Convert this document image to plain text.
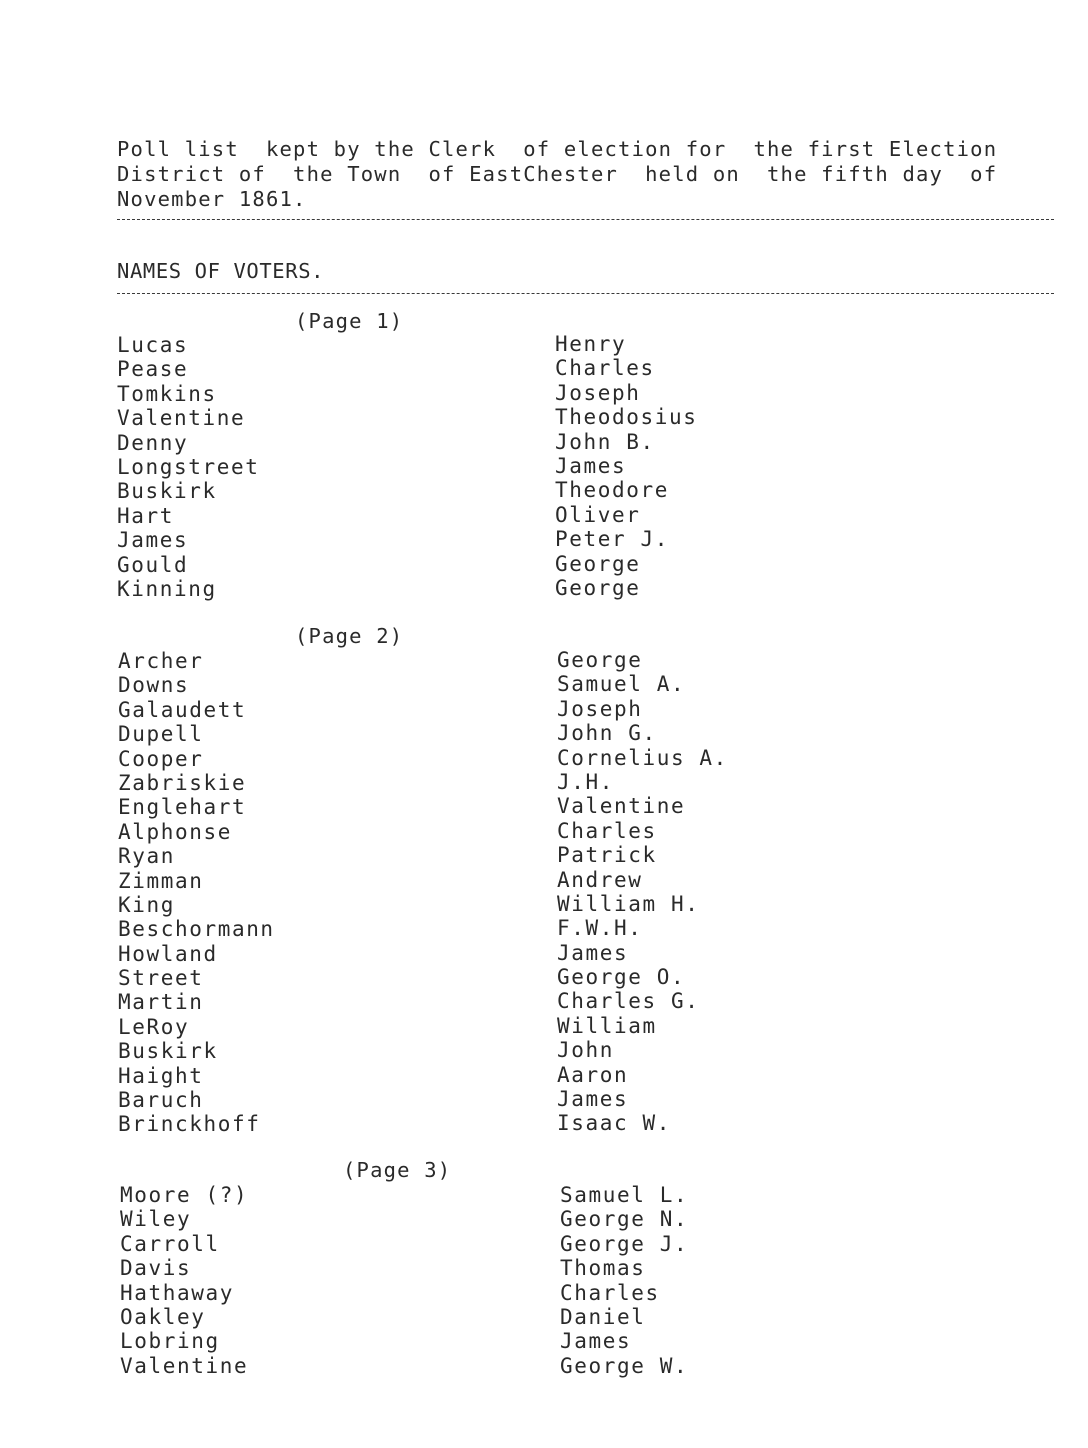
Poll list  kept by the Clerk  of election for  the first Election
District of  the Town  of EastChester  held on  the fifth day  of
November 1861.
NAMES OF VOTERS.
(Page 1)
Lucas
Pease
Tomkins
Valentine
Denny
Longstreet
Buskirk
Hart
James
Gould
Kinning
Henry
Charles
Joseph
Theodosius
John B.
James
Theodore
Oliver
Peter J.
George
George
(Page 2)
Archer
Downs
Galaudett
Dupell
Cooper
Zabriskie
Englehart
Alphonse
Ryan
Zimman
King
Beschormann
Howland
Street
Martin
LeRoy
Buskirk
Haight
Baruch
Brinckhoff
George
Samuel A.
Joseph
John G.
Cornelius A.
J.H.
Valentine
Charles
Patrick
Andrew
William H.
F.W.H.
James
George O.
Charles G.
William
John
Aaron
James
Isaac W.
(Page 3)
Moore (?)
Wiley
Carroll
Davis
Hathaway
Oakley
Lobring
Valentine
Samuel L.
George N.
George J.
Thomas
Charles
Daniel
James
George W.
